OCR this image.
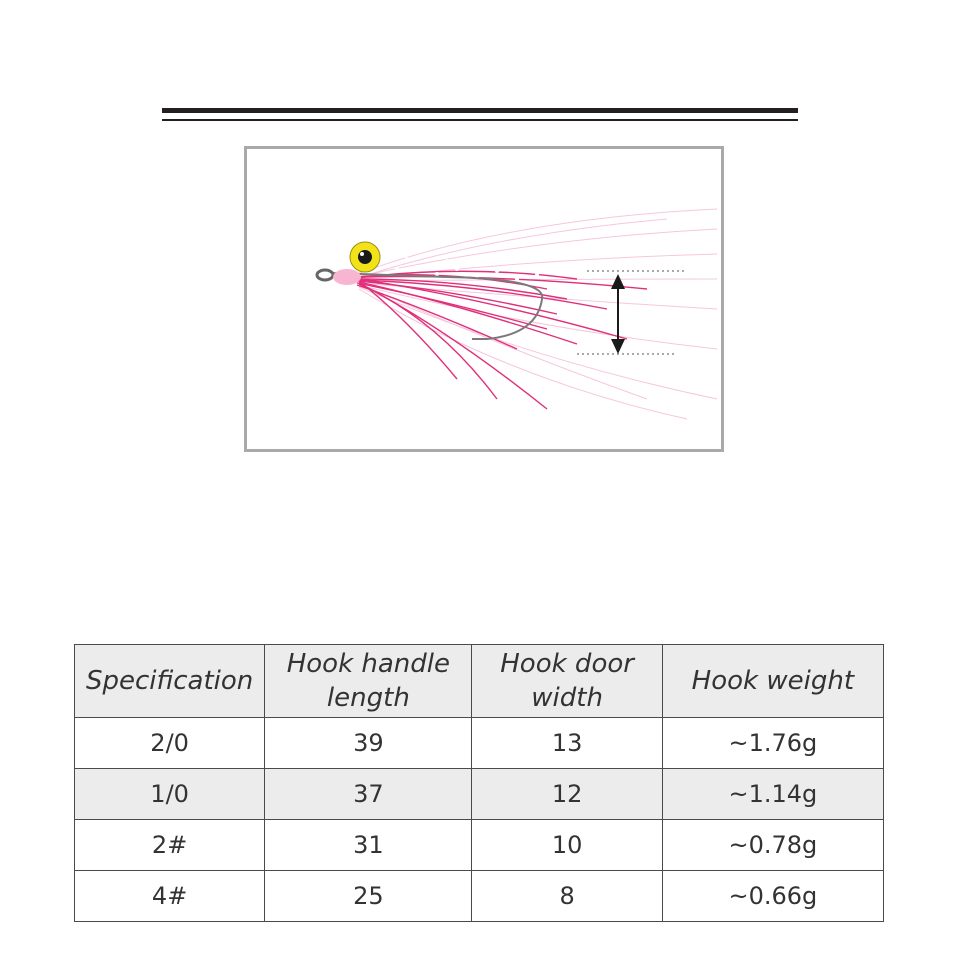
Specification	Hook handle length	Hook door width	Hook weight
2/0	39	13	~1.76g
1/0	37	12	~1.14g
2#	31	10	~0.78g
4#	25	8	~0.66g
